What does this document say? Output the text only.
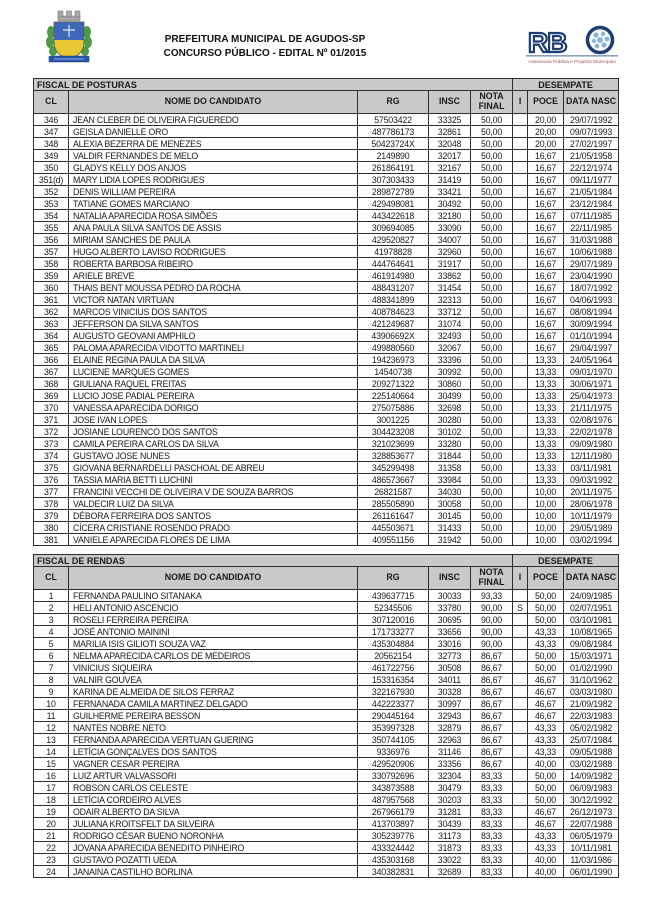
PREFEITURA MUNICIPAL DE AGUDOS-SP
CONCURSO PÚBLICO - EDITAL Nº 01/2015	RB
Assessoria Pública e Projetos Municipais
FISCAL DE POSTURAS					DESEMPATE		
CL	NOME DO CANDIDATO	RG	INSC	NOTA FINAL	I	POCE	DATA NASC
346	JEAN CLEBER DE OLIVEIRA FIGUEREDO	57503422	33325	50,00		20,00	29/07/1992
347	GEISLA DANIELLE ORO	487786173	32861	50,00		20,00	09/07/1993
348	ALEXIA BEZERRA DE MENEZES	50423724X	32048	50,00		20,00	27/02/1997
349	VALDIR FERNANDES DE MELO	2149890	32017	50,00		16,67	21/05/1958
350	GLADYS KELLY DOS ANJOS	261864191	32167	50,00		16,67	22/12/1974
351(d)	MARY LIDIA LOPES RODRIGUES	307303433	31419	50,00		16,67	09/11/1977
352	DENIS WILLIAM PEREIRA	289872789	33421	50,00		16,67	21/05/1984
353	TATIANE GOMES MARCIANO	429498081	30492	50,00		16,67	23/12/1984
354	NATALIA APARECIDA ROSA SIMÕES	443422618	32180	50,00		16,67	07/11/1985
355	ANA PAULA SILVA SANTOS DE ASSIS	309694085	33090	50,00		16,67	22/11/1985
356	MIRIAM SANCHES DE PAULA	429520827	34007	50,00		16,67	31/03/1988
357	HUGO ALBERTO LAVISO RODRIGUES	41978828	32960	50,00		16,67	10/06/1988
358	ROBERTA BARBOSA RIBEIRO	444764641	31917	50,00		16,67	29/07/1989
359	ARIELE BREVE	461914980	33862	50,00		16,67	23/04/1990
360	THAIS BENT MOUSSA PEDRO DA ROCHA	488431207	31454	50,00		16,67	18/07/1992
361	VICTOR NATAN VIRTUAN	488341899	32313	50,00		16,67	04/06/1993
362	MARCOS VINICIUS DOS SANTOS	408784623	33712	50,00		16,67	08/08/1994
363	JEFFERSON DA SILVA SANTOS	421249687	31074	50,00		16,67	30/09/1994
364	AUGUSTO GEOVANI AMPHILO	43906692X	32493	50,00		16,67	01/10/1994
365	PALOMA APARECIDA VIDOTTO MARTINELI	499880560	32067	50,00		16,67	29/04/1997
366	ELAINE REGINA PAULA DA SILVA	194236973	33396	50,00		13,33	24/05/1964
367	LUCIENE MARQUES GOMES	14540738	30992	50,00		13,33	09/01/1970
368	GIULIANA RAQUEL FREITAS	209271322	30860	50,00		13,33	30/06/1971
369	LUCIO JOSE PADIAL PEREIRA	225140664	30499	50,00		13,33	25/04/1973
370	VANESSA APARECIDA DORIGO	275075886	32698	50,00		13,33	21/11/1975
371	JOSE IVAN LOPES	3001225	30280	50,00		13,33	02/08/1976
372	JOSIANE LOURENCO DOS SANTOS	304423208	30102	50,00		13,33	22/02/1978
373	CAMILA PEREIRA CARLOS DA SILVA	321023699	33280	50,00		13,33	09/09/1980
374	GUSTAVO JOSE NUNES	328853677	31844	50,00		13,33	12/11/1980
375	GIOVANA BERNARDELLI PASCHOAL DE ABREU	345299498	31358	50,00		13,33	03/11/1981
376	TASSIA MARIA BETTI LUCHINI	486573667	33984	50,00		13,33	09/03/1992
377	FRANCINI VECCHI DE OLIVEIRA V DE SOUZA BARROS	26821587	34030	50,00		10,00	20/11/1975
378	VALDECIR LUIZ DA SILVA	285505890	30058	50,00		10,00	28/06/1978
379	DÉBORA FERREIRA DOS SANTOS	261161647	30145	50,00		10,00	10/11/1979
380	CÍCERA CRISTIANE ROSENDO PRADO	445503671	31433	50,00		10,00	29/05/1989
381	VANIELE APARECIDA FLORES DE LIMA	409551156	31942	50,00		10,00	03/02/1994
FISCAL DE RENDAS					DESEMPATE		
CL	NOME DO CANDIDATO	RG	INSC	NOTA FINAL	I	POCE	DATA NASC
1	FERNANDA PAULINO SITANAKA	439637715	30033	93,33		50,00	24/09/1985
2	HELI ANTONIO ASCENCIO	52345506	33780	90,00	S	50,00	02/07/1951
3	ROSELI FERREIRA PEREIRA	307120016	30695	90,00		50,00	03/10/1981
4	JOSÉ ANTONIO MAININI	171733277	33656	90,00		43,33	10/08/1965
5	MARILIA ISIS GILIOTI SOUZA VAZ	435304884	33016	90,00		43,33	09/08/1984
6	NELMA APARECIDA CARLOS DE MEDEIROS	20562154	32773	86,67		50,00	15/03/1971
7	VINICIUS SIQUEIRA	461722756	30508	86,67		50,00	01/02/1990
8	VALNIR GOUVEA	153316354	34011	86,67		46,67	31/10/1962
9	KARINA DE ALMEIDA DE SILOS FERRAZ	322167930	30328	86,67		46,67	03/03/1980
10	FERNANADA CAMILA MARTINEZ DELGADO	442223377	30997	86,67		46,67	21/09/1982
11	GUILHERME PEREIRA BESSON	290445164	32943	86,67		46,67	22/03/1983
12	NANTES NOBRE NETO	353997328	32879	86,67		43,33	05/02/1982
13	FERNANDA APARECIDA VERTUAN GUERING	350744105	32963	86,67		43,33	25/07/1984
14	LETÍCIA GONÇALVES DOS SANTOS	9336976	31146	86,67		43,33	09/05/1988
15	VAGNER CESAR PEREIRA	429520906	33356	86,67		40,00	03/02/1988
16	LUIZ ARTUR VALVASSORI	330792696	32304	83,33		50,00	14/09/1982
17	ROBSON CARLOS CELESTE	343873588	30479	83,33		50,00	06/09/1983
18	LETÍCIA CORDEIRO ALVES	487957568	30203	83,33		50,00	30/12/1992
19	ODAIR ALBERTO DA SILVA	267966179	31281	83,33		46,67	26/12/1973
20	JULIANA KROITSFELT DA SILVEIRA	413703897	30439	83,33		46,67	22/07/1988
21	RODRIGO CÉSAR BUENO NORONHA	305239776	31173	83,33		43,33	06/05/1979
22	JOVANA APARECIDA BENEDITO PINHEIRO	433324442	31873	83,33		43,33	10/11/1981
23	GUSTAVO POZATTI UEDA	435303168	33022	83,33		40,00	11/03/1986
24	JANAINA CASTILHO BORLINA	340382831	32689	83,33		40,00	06/01/1990
